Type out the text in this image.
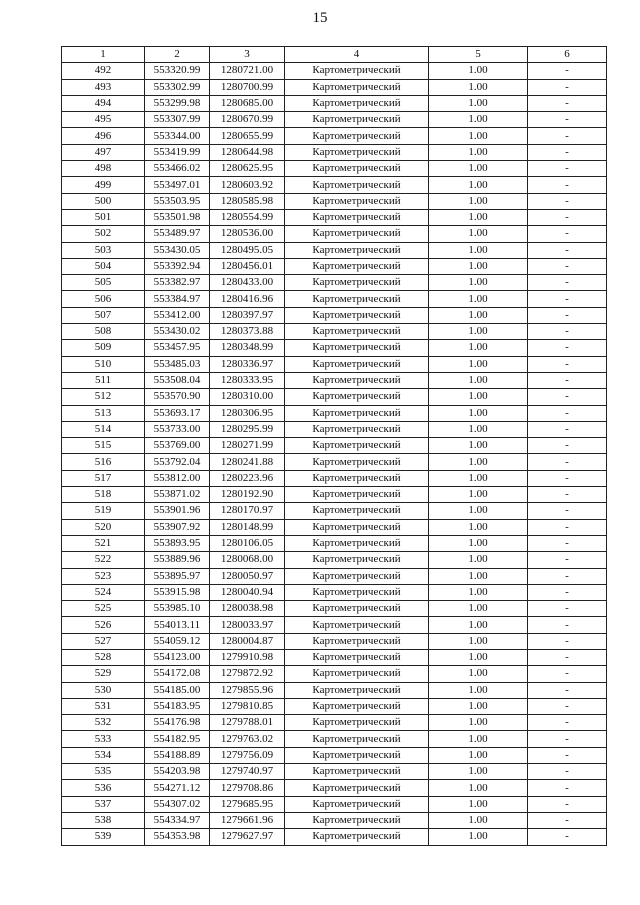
15
1	2	3	4	5	6
492	553320.99	1280721.00	Картометрический	1.00	-
493	553302.99	1280700.99	Картометрический	1.00	-
494	553299.98	1280685.00	Картометрический	1.00	-
495	553307.99	1280670.99	Картометрический	1.00	-
496	553344.00	1280655.99	Картометрический	1.00	-
497	553419.99	1280644.98	Картометрический	1.00	-
498	553466.02	1280625.95	Картометрический	1.00	-
499	553497.01	1280603.92	Картометрический	1.00	-
500	553503.95	1280585.98	Картометрический	1.00	-
501	553501.98	1280554.99	Картометрический	1.00	-
502	553489.97	1280536.00	Картометрический	1.00	-
503	553430.05	1280495.05	Картометрический	1.00	-
504	553392.94	1280456.01	Картометрический	1.00	-
505	553382.97	1280433.00	Картометрический	1.00	-
506	553384.97	1280416.96	Картометрический	1.00	-
507	553412.00	1280397.97	Картометрический	1.00	-
508	553430.02	1280373.88	Картометрический	1.00	-
509	553457.95	1280348.99	Картометрический	1.00	-
510	553485.03	1280336.97	Картометрический	1.00	-
511	553508.04	1280333.95	Картометрический	1.00	-
512	553570.90	1280310.00	Картометрический	1.00	-
513	553693.17	1280306.95	Картометрический	1.00	-
514	553733.00	1280295.99	Картометрический	1.00	-
515	553769.00	1280271.99	Картометрический	1.00	-
516	553792.04	1280241.88	Картометрический	1.00	-
517	553812.00	1280223.96	Картометрический	1.00	-
518	553871.02	1280192.90	Картометрический	1.00	-
519	553901.96	1280170.97	Картометрический	1.00	-
520	553907.92	1280148.99	Картометрический	1.00	-
521	553893.95	1280106.05	Картометрический	1.00	-
522	553889.96	1280068.00	Картометрический	1.00	-
523	553895.97	1280050.97	Картометрический	1.00	-
524	553915.98	1280040.94	Картометрический	1.00	-
525	553985.10	1280038.98	Картометрический	1.00	-
526	554013.11	1280033.97	Картометрический	1.00	-
527	554059.12	1280004.87	Картометрический	1.00	-
528	554123.00	1279910.98	Картометрический	1.00	-
529	554172.08	1279872.92	Картометрический	1.00	-
530	554185.00	1279855.96	Картометрический	1.00	-
531	554183.95	1279810.85	Картометрический	1.00	-
532	554176.98	1279788.01	Картометрический	1.00	-
533	554182.95	1279763.02	Картометрический	1.00	-
534	554188.89	1279756.09	Картометрический	1.00	-
535	554203.98	1279740.97	Картометрический	1.00	-
536	554271.12	1279708.86	Картометрический	1.00	-
537	554307.02	1279685.95	Картометрический	1.00	-
538	554334.97	1279661.96	Картометрический	1.00	-
539	554353.98	1279627.97	Картометрический	1.00	-
